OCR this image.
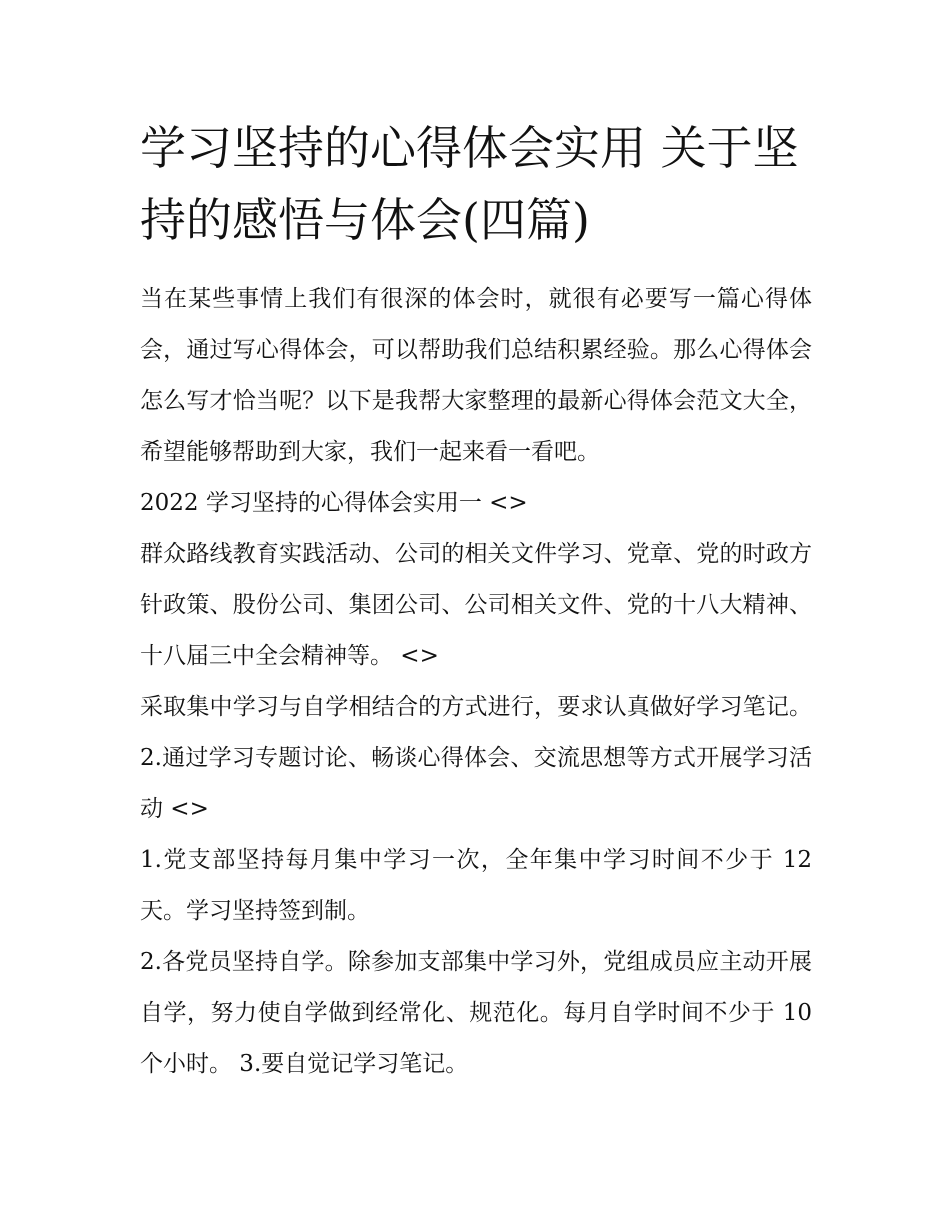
学习坚持的心得体会实用 关于坚持的感悟与体会(四篇)

当在某些事情上我们有很深的体会时，就很有必要写一篇心得体会，通过写心得体会，可以帮助我们总结积累经验。那么心得体会怎么写才恰当呢？以下是我帮大家整理的最新心得体会范文大全，希望能够帮助到大家，我们一起来看一看吧。

2022 学习坚持的心得体会实用一 <>

群众路线教育实践活动、公司的相关文件学习、党章、党的时政方针政策、股份公司、集团公司、公司相关文件、党的十八大精神、十八届三中全会精神等。 <>

采取集中学习与自学相结合的方式进行，要求认真做好学习笔记。 2.通过学习专题讨论、畅谈心得体会、交流思想等方式开展学习活动 <>

1.党支部坚持每月集中学习一次，全年集中学习时间不少于 12 天。学习坚持签到制。

2.各党员坚持自学。除参加支部集中学习外，党组成员应主动开展自学，努力使自学做到经常化、规范化。每月自学时间不少于 10 个小时。 3.要自觉记学习笔记。
